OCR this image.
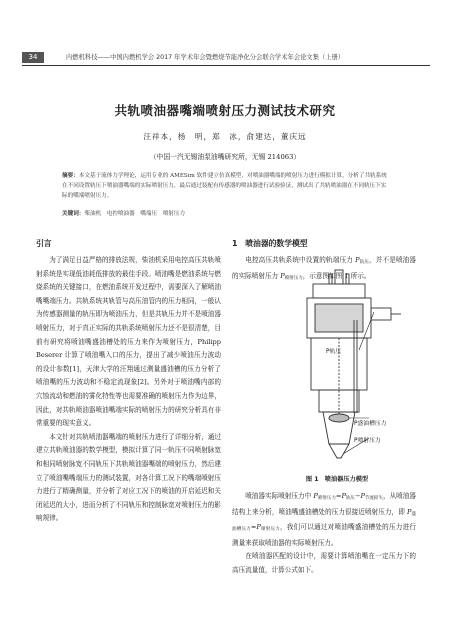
34	内燃机科技——中国内燃机学会 2017 年学术年会暨燃烧节能净化分会联合学术年会论文集（上册）
共轨喷油器嘴端喷射压力测试技术研究
汪祥本，杨　明，郑　冰，俞建达，董庆远
（中国一汽无锡油泵油嘴研究所，无锡 214063）
摘要：本文基于流体力学理论，运用专业的 AMESim 软件建立仿真模型，对喷油器嘴端的喷射压力进行模拟计算，分析了共轨系统在不同设置轨压下喷油器嘴端的实际喷射压力，最后通过装配有传感器的喷油器进行试验验证，测试出了共轨喷油器在不同轨压下实际的嘴端喷射压力。
关键词：柴油机　电控喷油器　嘴端压　喷射压力
引言

为了满足日益严格的排放法规，柴油机采用电控高压共轨喷射系统是实现低油耗低排放的最佳手段。喷油嘴是燃油系统与燃烧系统的关键接口，在燃油系统开发过程中，需要深入了解喷油嘴嘴端压力。共轨系统其轨管与高压油管内的压力相同，一般认为传感器测量的轨压即为喷油压力，但是共轨压力并不是喷油器喷射压力，对于真正实际的共轨系统喷射压力还不是很清楚，目前有研究将喷油嘴盛油槽处的压力来作为喷射压力，Philipp Beserer 计算了喷油嘴入口的压力，提出了减少喷油压力波动的设计参数[1]，天津大学的汪翔通过测量盛油槽的压力分析了喷油嘴的压力波动和不稳定流现象[2]。另外对于喷油嘴内部的穴蚀流动和燃油的雾化特性等也需要准确的喷射压力作为边界，因此，对共轨喷油器喷油嘴端实际的喷射压力的研究分析具有非常重要的现实意义。

本文针对共轨喷油器嘴端的喷射压力进行了详细分析，通过建立共轨喷油器的数学模型，模拟计算了同一轨压不同喷射脉宽和相同喷射脉宽不同轨压下共轨喷油器嘴端的喷射压力，然后建立了喷油嘴嘴端压力的测试装置，对各计算工况下的嘴端喷射压力进行了精确测量，并分析了对应工况下的喷油的开启延迟和关闭延迟的大小，进而分析了不同轨压和控制脉宽对喷射压力的影响规律。

1　喷油器的数学模型

电控高压共轨系统中设置的轨端压力 $P_{轨压}$，并不是喷油器的实际喷射压力 $P_{喷射压力}$，示意图如图 1 所示。

P轨压
P盛油槽压力
P喷射压力
图 1　喷油器压力模型

喷油器实际喷射压力中 $P_{喷射压力}=P_{轨压}-P_{节流损失}$，从喷油器结构上来分析，喷油嘴盛油槽处的压力很接近喷射压力，即 $P_{盛油槽压力}\approx P_{喷射压力}$，我们可以通过对喷油嘴盛油槽处的压力进行测量来获取喷油器的实际喷射压力。

在喷油器匹配的设计中，需要计算喷油嘴在一定压力下的高压流量值，计算公式如下。
